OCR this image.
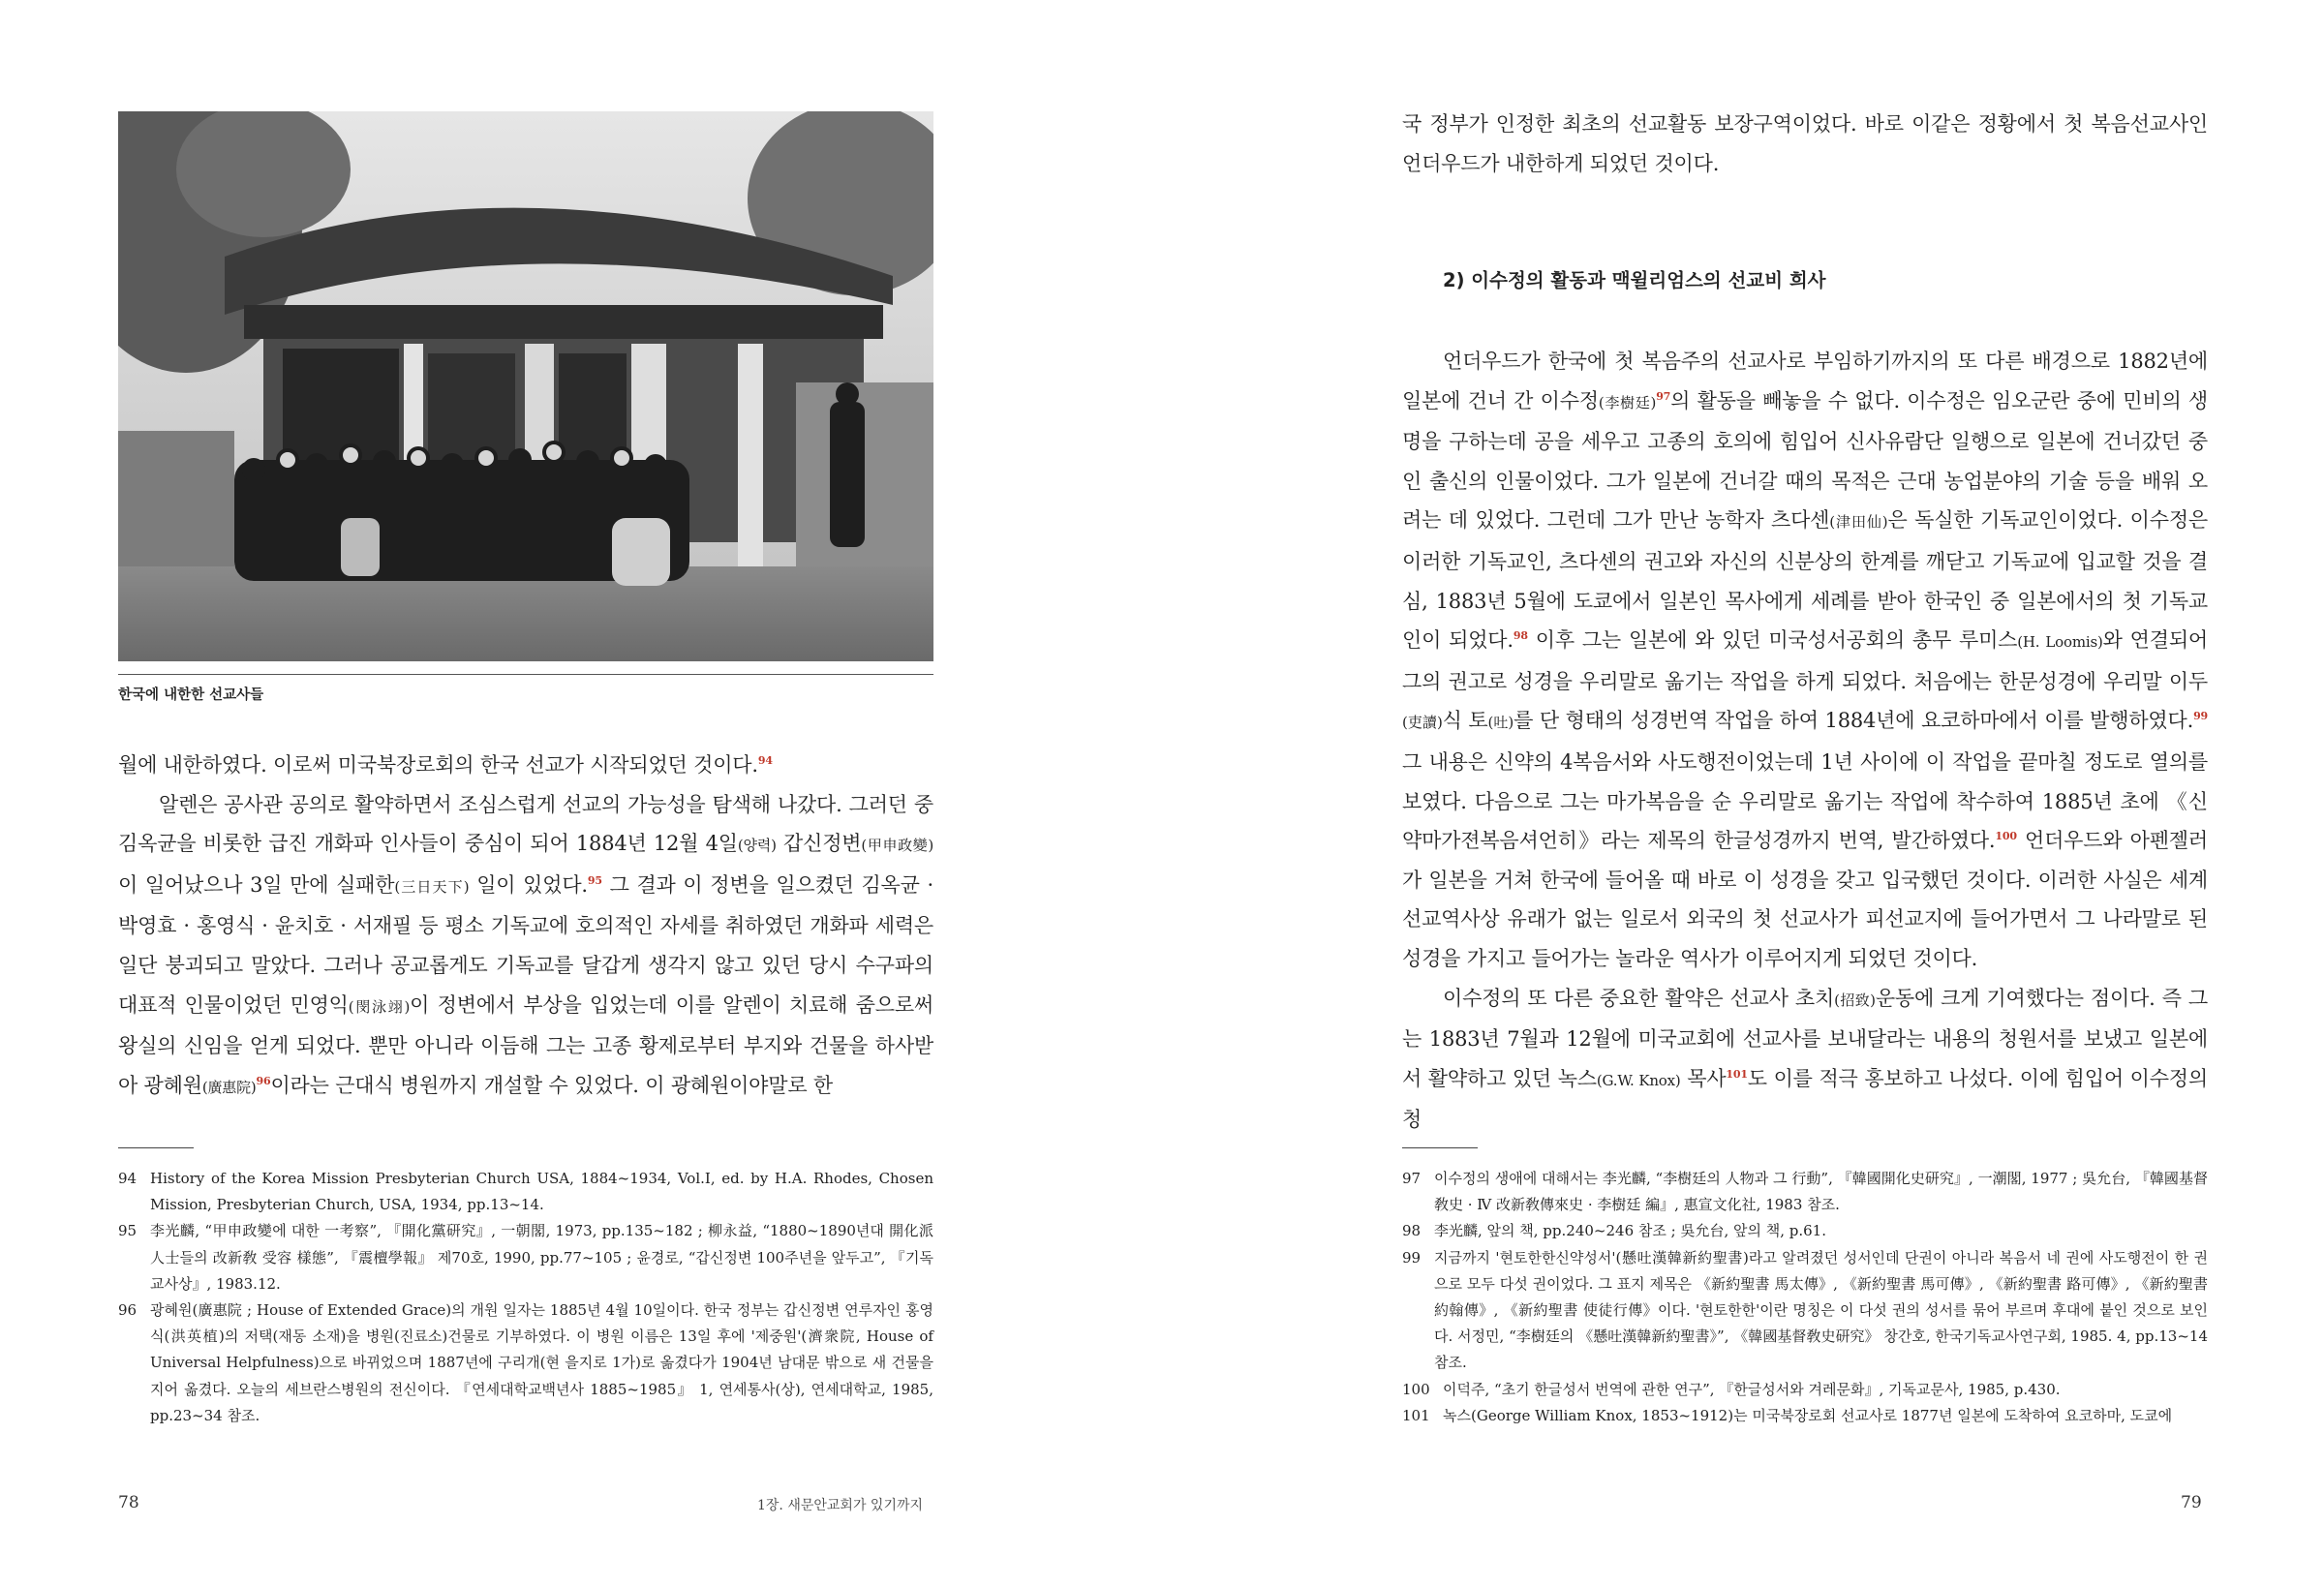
한국에 내한한 선교사들

월에 내한하였다. 이로써 미국북장로회의 한국 선교가 시작되었던 것이다.$^{94}$

알렌은 공사관 공의로 활약하면서 조심스럽게 선교의 가능성을 탐색해 나갔다. 그러던 중 김옥균을 비롯한 급진 개화파 인사들이 중심이 되어 1884년 12월 4일(양력) 갑신정변(甲申政變)이 일어났으나 3일 만에 실패한(三日天下) 일이 있었다.$^{95}$ 그 결과 이 정변을 일으켰던 김옥균 · 박영효 · 홍영식 · 윤치호 · 서재필 등 평소 기독교에 호의적인 자세를 취하였던 개화파 세력은 일단 붕괴되고 말았다. 그러나 공교롭게도 기독교를 달갑게 생각지 않고 있던 당시 수구파의 대표적 인물이었던 민영익(閔泳翊)이 정변에서 부상을 입었는데 이를 알렌이 치료해 줌으로써 왕실의 신임을 얻게 되었다. 뿐만 아니라 이듬해 그는 고종 황제로부터 부지와 건물을 하사받아 광혜원(廣惠院)$^{96}$이라는 근대식 병원까지 개설할 수 있었다. 이 광혜원이야말로 한

94 History of the Korea Mission Presbyterian Church USA, 1884~1934, Vol.I, ed. by H.A. Rhodes, Chosen Mission, Presbyterian Church, USA, 1934, pp.13~14.
95 李光麟, “甲申政變에 대한 一考察”, 『開化黨研究』, 一朝閣, 1973, pp.135~182 ; 柳永益, “1880~1890년대 開化派 人士들의 改新敎 受容 樣態”, 『震檀學報』 제70호, 1990, pp.77~105 ; 윤경로, “갑신정변 100주년을 앞두고”, 『기독교사상』, 1983.12.
96 광혜원(廣惠院 ; House of Extended Grace)의 개원 일자는 1885년 4월 10일이다. 한국 정부는 갑신정변 연루자인 홍영식(洪英植)의 저택(재동 소재)을 병원(진료소)건물로 기부하였다. 이 병원 이름은 13일 후에 '제중원'(濟衆院, House of Universal Helpfulness)으로 바뀌었으며 1887년에 구리개(현 을지로 1가)로 옮겼다가 1904년 남대문 밖으로 새 건물을 지어 옮겼다. 오늘의 세브란스병원의 전신이다. 『연세대학교백년사 1885~1985』 1, 연세통사(상), 연세대학교, 1985, pp.23~34 참조.
78	1장. 새문안교회가 있기까지

국 정부가 인정한 최초의 선교활동 보장구역이었다. 바로 이같은 정황에서 첫 복음선교사인 언더우드가 내한하게 되었던 것이다.

2) 이수정의 활동과 맥윌리엄스의 선교비 희사

언더우드가 한국에 첫 복음주의 선교사로 부임하기까지의 또 다른 배경으로 1882년에 일본에 건너 간 이수정(李樹廷)$^{97}$의 활동을 빼놓을 수 없다. 이수정은 임오군란 중에 민비의 생명을 구하는데 공을 세우고 고종의 호의에 힘입어 신사유람단 일행으로 일본에 건너갔던 중인 출신의 인물이었다. 그가 일본에 건너갈 때의 목적은 근대 농업분야의 기술 등을 배워 오려는 데 있었다. 그런데 그가 만난 농학자 츠다센(津田仙)은 독실한 기독교인이었다. 이수정은 이러한 기독교인, 츠다센의 권고와 자신의 신분상의 한계를 깨닫고 기독교에 입교할 것을 결심, 1883년 5월에 도쿄에서 일본인 목사에게 세례를 받아 한국인 중 일본에서의 첫 기독교인이 되었다.$^{98}$ 이후 그는 일본에 와 있던 미국성서공회의 총무 루미스(H. Loomis)와 연결되어 그의 권고로 성경을 우리말로 옮기는 작업을 하게 되었다. 처음에는 한문성경에 우리말 이두(吏讀)식 토(吐)를 단 형태의 성경번역 작업을 하여 1884년에 요코하마에서 이를 발행하였다.$^{99}$ 그 내용은 신약의 4복음서와 사도행전이었는데 1년 사이에 이 작업을 끝마칠 정도로 열의를 보였다. 다음으로 그는 마가복음을 순 우리말로 옮기는 작업에 착수하여 1885년 초에 《신약마가젼복음셔언히》라는 제목의 한글성경까지 번역, 발간하였다.$^{100}$ 언더우드와 아펜젤러가 일본을 거쳐 한국에 들어올 때 바로 이 성경을 갖고 입국했던 것이다. 이러한 사실은 세계 선교역사상 유래가 없는 일로서 외국의 첫 선교사가 피선교지에 들어가면서 그 나라말로 된 성경을 가지고 들어가는 놀라운 역사가 이루어지게 되었던 것이다.

이수정의 또 다른 중요한 활약은 선교사 초치(招致)운동에 크게 기여했다는 점이다. 즉 그는 1883년 7월과 12월에 미국교회에 선교사를 보내달라는 내용의 청원서를 보냈고 일본에서 활약하고 있던 녹스(G.W. Knox) 목사$^{101}$도 이를 적극 홍보하고 나섰다. 이에 힘입어 이수정의 청

97 이수정의 생애에 대해서는 李光麟, “李樹廷의 人物과 그 行動”, 『韓國開化史研究』, 一潮閣, 1977 ; 吳允台, 『韓國基督敎史 · Ⅳ 改新敎傳來史 · 李樹廷 編』, 惠宣文化社, 1983 참조.
98 李光麟, 앞의 책, pp.240~246 참조 ; 吳允台, 앞의 책, p.61.
99 지금까지 '현토한한신약성서'(懸吐漢韓新約聖書)라고 알려졌던 성서인데 단권이 아니라 복음서 네 권에 사도행전이 한 권으로 모두 다섯 권이었다. 그 표지 제목은 《新約聖書 馬太傳》, 《新約聖書 馬可傳》, 《新約聖書 路可傳》, 《新約聖書 約翰傳》, 《新約聖書 使徒行傳》이다. '현토한한'이란 명칭은 이 다섯 권의 성서를 묶어 부르며 후대에 붙인 것으로 보인다. 서정민, “李樹廷의 《懸吐漢韓新約聖書》”, 《韓國基督敎史研究》 창간호, 한국기독교사연구회, 1985. 4, pp.13~14 참조.
100 이덕주, “초기 한글성서 번역에 관한 연구”, 『한글성서와 겨레문화』, 기독교문사, 1985, p.430.
101 녹스(George William Knox, 1853~1912)는 미국북장로회 선교사로 1877년 일본에 도착하여 요코하마, 도쿄에
79
